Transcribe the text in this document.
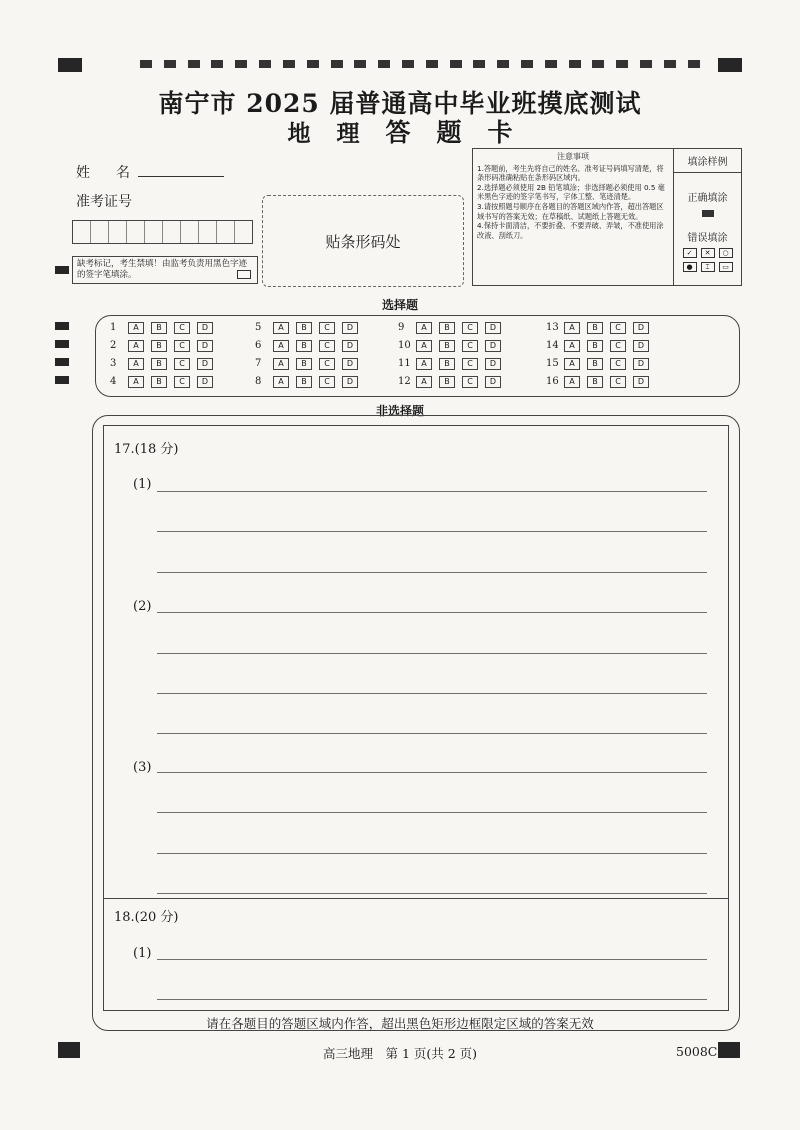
南宁市 2025 届普通高中毕业班摸底测试
地 理 答 题 卡
姓　名
准考证号
缺考标记，考生禁填！由监考负责用黑色字迹的签字笔填涂。
贴条形码处
注意事项
1.答题前，考生先将自己的姓名、准考证号码填写清楚，将条形码准确粘贴在条形码区域内。
2.选择题必须使用 2B 铅笔填涂；非选择题必须使用 0.5 毫米黑色字迹的签字笔书写，字体工整、笔迹清楚。
3.请按照题号顺序在各题目的答题区域内作答，超出答题区域书写的答案无效；在草稿纸、试题纸上答题无效。
4.保持卡面清洁，不要折叠、不要弄破、弄皱，不准使用涂改液、刮纸刀。
填涂样例
正确填涂
错误填涂
✓	✕	○
●	⌶	▭
选择题
1	A	B	C	D
2	A	B	C	D
3	A	B	C	D
4	A	B	C	D
5	A	B	C	D
6	A	B	C	D
7	A	B	C	D
8	A	B	C	D
9	A	B	C	D
10	A	B	C	D
11	A	B	C	D
12	A	B	C	D
13	A	B	C	D
14	A	B	C	D
15	A	B	C	D
16	A	B	C	D
非选择题
17.(18 分)
(1)
(2)
(3)
18.(20 分)
(1)
请在各题目的答题区域内作答，超出黑色矩形边框限定区域的答案无效
高三地理　第 1 页(共 2 页)	5008C
